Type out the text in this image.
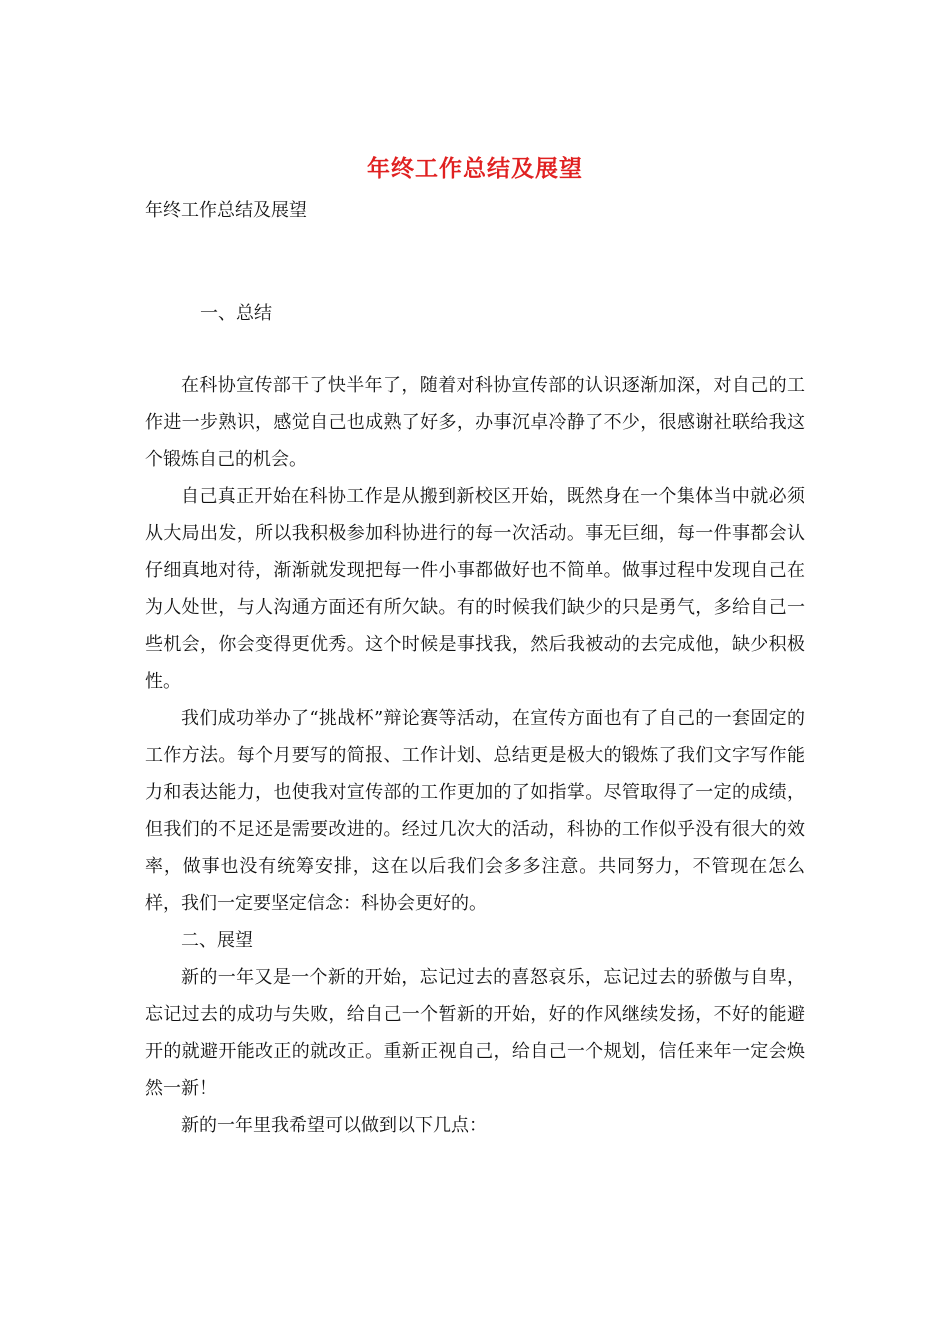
年终工作总结及展望
年终工作总结及展望
一、总结

在科协宣传部干了快半年了，随着对科协宣传部的认识逐渐加深，对自己的工作进一步熟识，感觉自己也成熟了好多，办事沉卓冷静了不少，很感谢社联给我这个锻炼自己的机会。

自己真正开始在科协工作是从搬到新校区开始，既然身在一个集体当中就必须从大局出发，所以我积极参加科协进行的每一次活动。事无巨细，每一件事都会认仔细真地对待，渐渐就发现把每一件小事都做好也不简单。做事过程中发现自己在为人处世，与人沟通方面还有所欠缺。有的时候我们缺少的只是勇气，多给自己一些机会，你会变得更优秀。这个时候是事找我，然后我被动的去完成他，缺少积极性。

我们成功举办了“挑战杯”辩论赛等活动，在宣传方面也有了自己的一套固定的工作方法。每个月要写的简报、工作计划、总结更是极大的锻炼了我们文字写作能力和表达能力，也使我对宣传部的工作更加的了如指掌。尽管取得了一定的成绩，但我们的不足还是需要改进的。经过几次大的活动，科协的工作似乎没有很大的效率，做事也没有统筹安排，这在以后我们会多多注意。共同努力，不管现在怎么样，我们一定要坚定信念：科协会更好的。

二、展望

新的一年又是一个新的开始，忘记过去的喜怒哀乐，忘记过去的骄傲与自卑，忘记过去的成功与失败，给自己一个暂新的开始，好的作风继续发扬，不好的能避开的就避开能改正的就改正。重新正视自己，给自己一个规划，信任来年一定会焕然一新！

新的一年里我希望可以做到以下几点：
